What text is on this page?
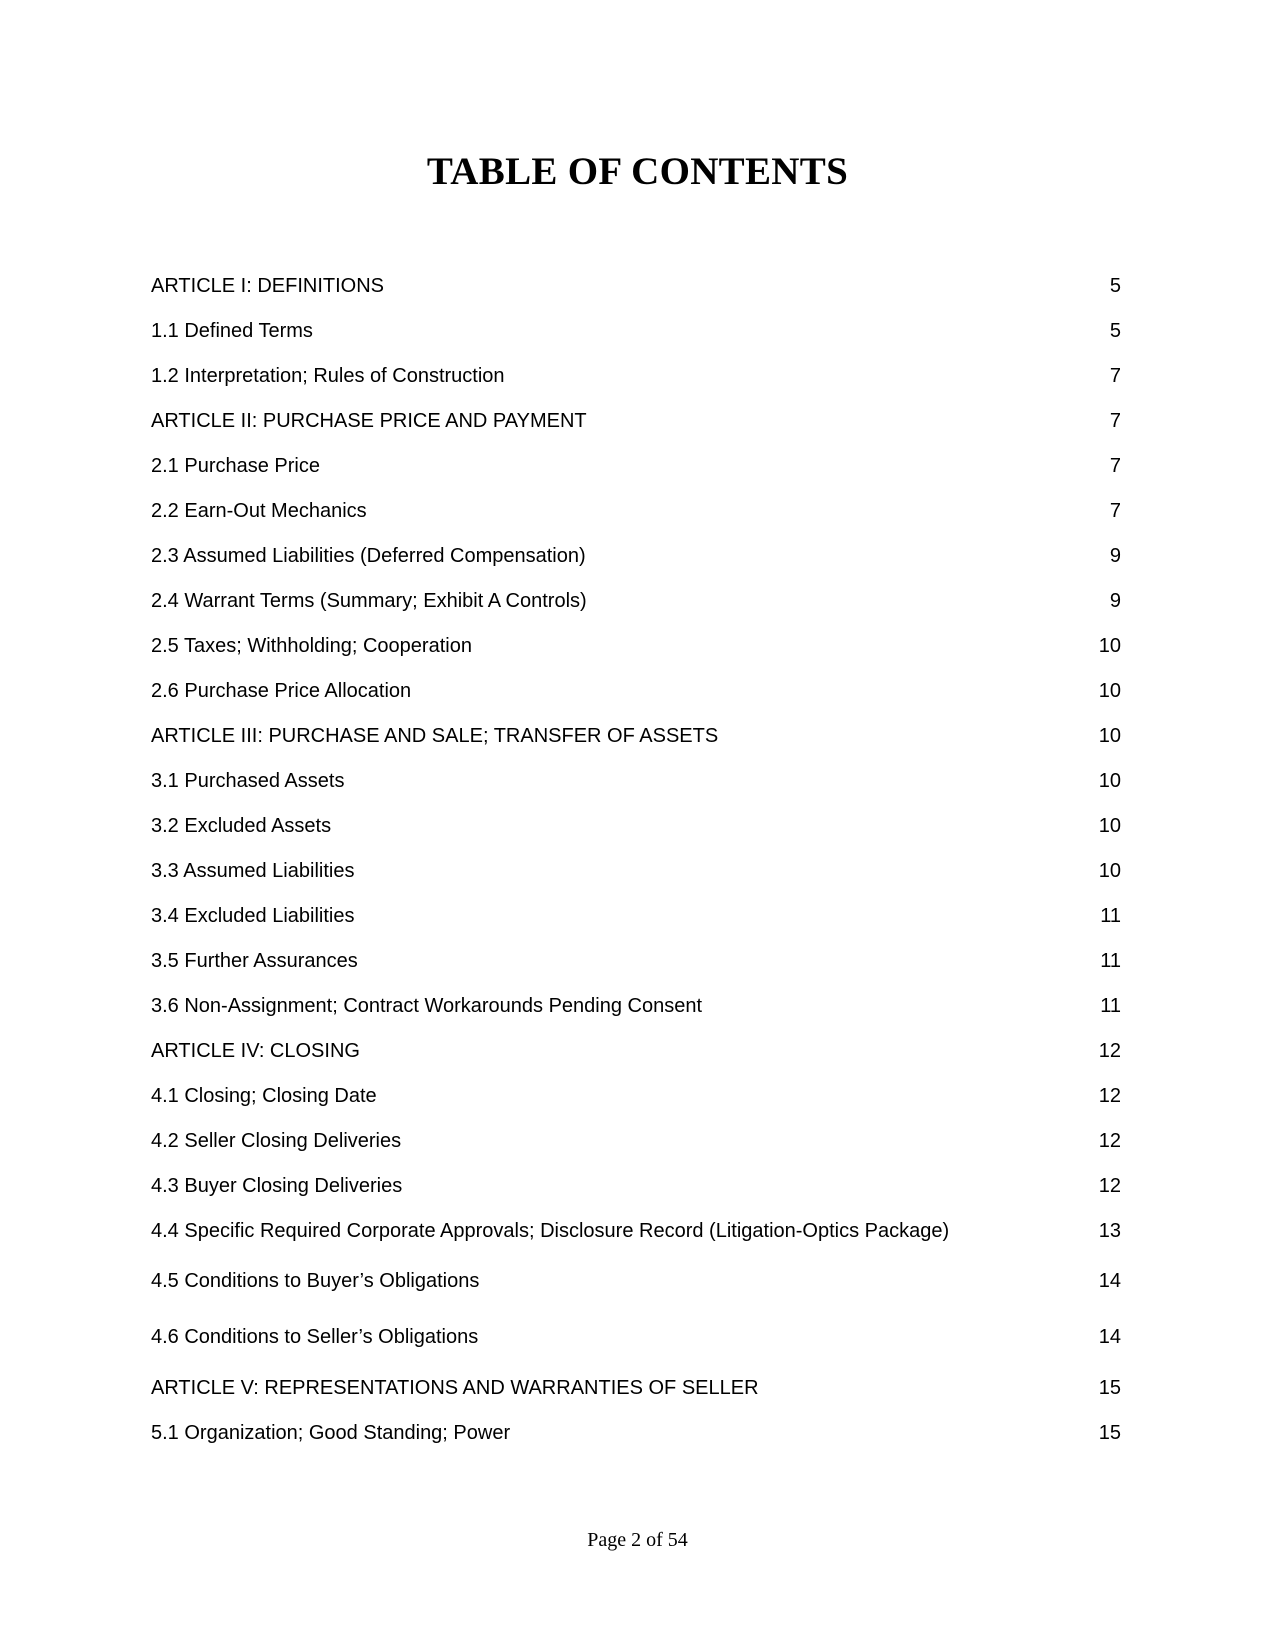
TABLE OF CONTENTS
ARTICLE I: DEFINITIONS	5
1.1 Defined Terms	5
1.2 Interpretation; Rules of Construction	7
ARTICLE II: PURCHASE PRICE AND PAYMENT	7
2.1 Purchase Price	7
2.2 Earn-Out Mechanics	7
2.3 Assumed Liabilities (Deferred Compensation)	9
2.4 Warrant Terms (Summary; Exhibit A Controls)	9
2.5 Taxes; Withholding; Cooperation	10
2.6 Purchase Price Allocation	10
ARTICLE III: PURCHASE AND SALE; TRANSFER OF ASSETS	10
3.1 Purchased Assets	10
3.2 Excluded Assets	10
3.3 Assumed Liabilities	10
3.4 Excluded Liabilities	11
3.5 Further Assurances	11
3.6 Non-Assignment; Contract Workarounds Pending Consent	11
ARTICLE IV: CLOSING	12
4.1 Closing; Closing Date	12
4.2 Seller Closing Deliveries	12
4.3 Buyer Closing Deliveries	12
4.4 Specific Required Corporate Approvals; Disclosure Record (Litigation-Optics Package)	13
4.5 Conditions to Buyer’s Obligations	14
4.6 Conditions to Seller’s Obligations	14
ARTICLE V: REPRESENTATIONS AND WARRANTIES OF SELLER	15
5.1 Organization; Good Standing; Power	15
Page 2 of 54
